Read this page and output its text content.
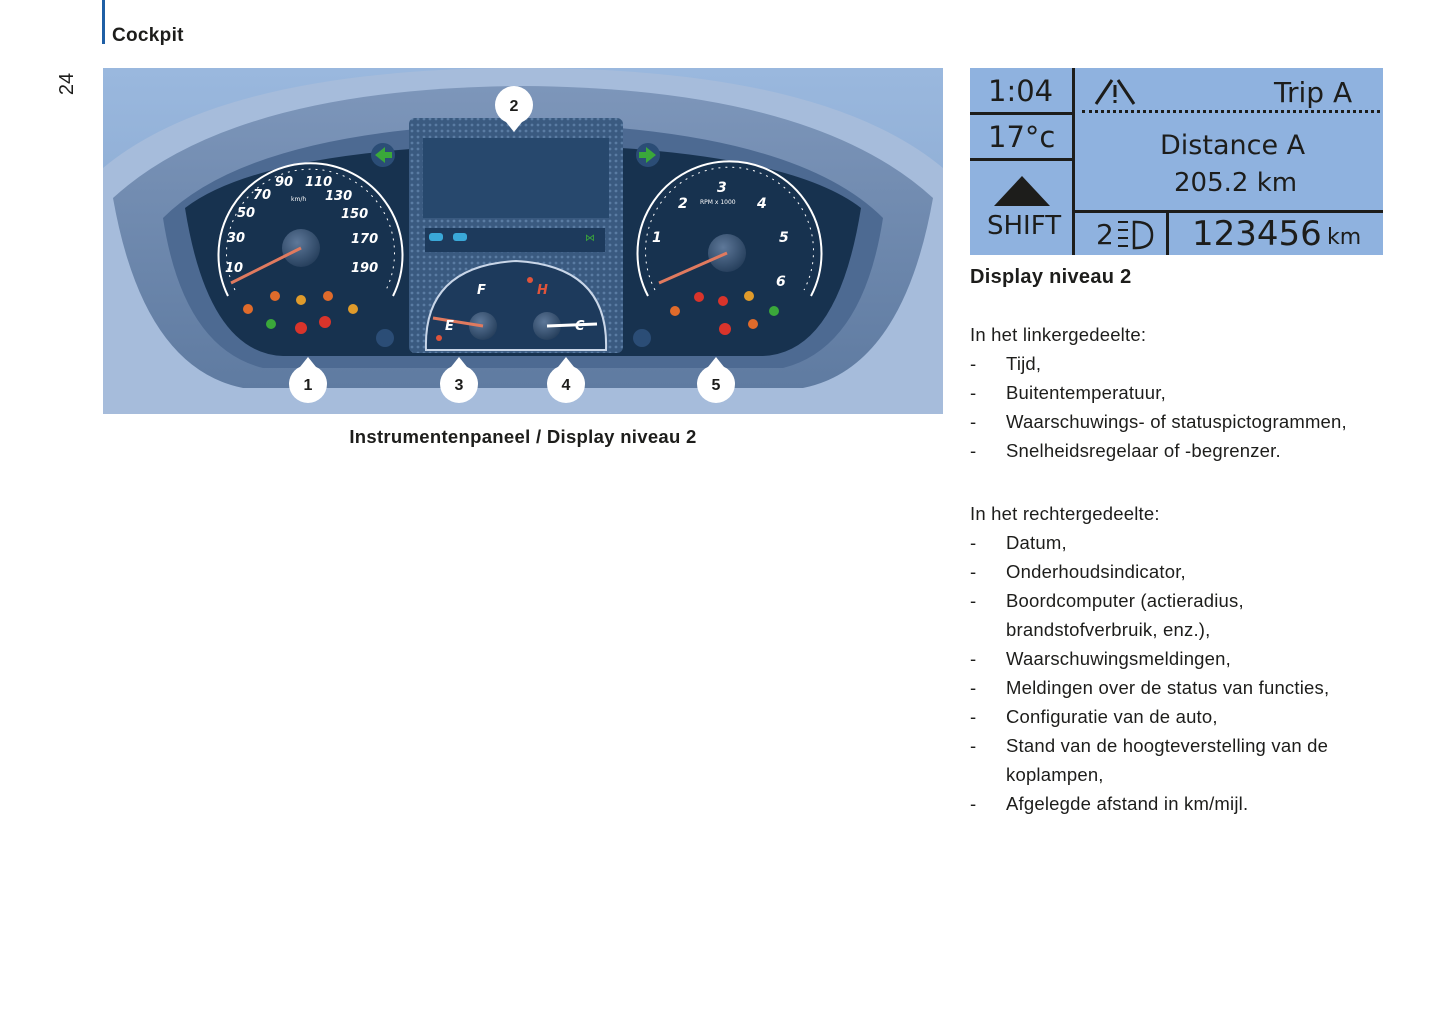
Cockpit
24
⋈
10
30
50
70
90 110
130
150
170
190
km/h
F
E
H
C
1
2
3
4
5
6
RPM x 1000
2
1	3	4	5
Instrumentenpaneel / Display niveau 2
1:04
17°c
SHIFT
Trip A
Distance A
205.2 km
2 123456 km
Display niveau 2

In het linkergedeelte:

- Tijd,
- Buitentemperatuur,
- Waarschuwings- of statuspictogrammen,
- Snelheidsregelaar of -begrenzer.

In het rechtergedeelte:

- Datum,
- Onderhoudsindicator,
- Boordcomputer (actieradius,
brandstofverbruik, enz.),
- Waarschuwingsmeldingen,
- Meldingen over de status van functies,
- Configuratie van de auto,
- Stand van de hoogteverstelling van de
koplampen,
- Afgelegde afstand in km/mijl.
